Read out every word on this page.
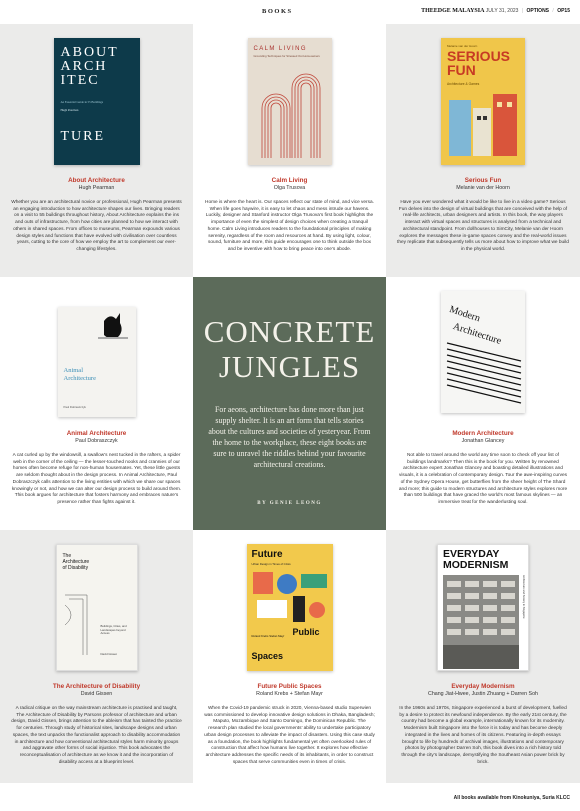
BOOKS	THEEDGE MALAYSIA JULY 31, 2023 | OPTIONS / OP15
ABOUT
ARCH
ITEC
An Essential Guide in 55 Buildings
TURE
Hugh Pearman
About Architecture
Hugh Pearman
Whether you are an architectural novice or professional, Hugh Pearman presents an engaging introduction to how architecture shapes our lives. Bringing readers on a visit to 55 buildings throughout history, About Architecture explains the ins and outs of infrastructure, from how cities are planned to how we interact with others in shared spaces. From offices to museums, Pearman expounds various design styles and functions that have evolved with civilisation over countless years, cutting to the core of how we employ the art to complement our ever-changing lifestyles.
CALM LIVING
Grounding Techniques for Stressed Out Homeowners
Calm Living
Olga Trusova
Home is where the heart is. Our spaces reflect our state of mind, and vice versa. When life goes haywire, it is easy to let chaos and mess intrude our havens. Luckily, designer and Stanford instructor Olga Trusova’s first book highlights the importance of even the simplest of design choices when creating a tranquil home. Calm Living introduces readers to the foundational principles of making serenity, regardless of the room and resources at hand. By using light, colour, sound, furniture and more, this guide encourages one to think outside the box and be inventive with how to bring peace into one’s abode.
Melanie van der Hoorn
SERIOUS
FUN
Architecture & Games
Serious Fun
Melanie van der Hoorn
Have you ever wondered what it would be like to live in a video game? Serious Fun delves into the design of virtual buildings that are conceived with the help of real-life architects, urban designers and artists. In this book, the way players interact with virtual spaces and structures is analysed from a technical and architectural standpoint. From dollhouses to SimCity, Melanie van der Hoorn explores the messages these in-game spaces convey and the real-world issues they replicate that subsequently tells us more about how to improve what we build in the physical world.
Animal
Architecture
Paul Dobraszczyk
Animal Architecture
Paul Dobraszczyk
A cat curled up by the windowsill, a swallow’s nest tucked in the rafters, a spider web in the corner of the ceiling — the lesser-touched nooks and crannies of our homes often become refuge for non-human housemates. Yet, these little guests are seldom thought about in the design process. In Animal Architecture, Paul Dobraszczyk calls attention to the living entities with which we share our spaces knowingly or not, and how we can alter our design process to build around them. This book argues for architecture that fosters harmony and embraces nature’s presence rather than fights against it.
CONCRETE
JUNGLES
For aeons, architecture has done more than just supply shelter. It is an art form that tells stories about the cultures and societies of yesteryear. From the home to the workplace, these eight books are sure to unravel the riddles behind your favourite architectural creations.
BY GENIE LEONG
Modern
Architecture
Modern Architecture
Jonathan Glancey
Not able to travel around the world any time soon to check off your list of buildings landmarks? Then this is the book for you. Written by renowned architecture expert Jonathan Glancey and boasting detailed illustrations and visuals, it is a celebration of contemporary design. Tour the awe-inspiring curves of the Sydney Opera House, get butterflies from the sheer height of The Shard and more; this guide to modern structures and architecture styles explores more than 500 buildings that have graced the world’s most famous skylines — an immersive treat for the wanderlusting soul.
The
Architecture
of Disability
Buildings, Cities, and Landscapes beyond Access
David Gissen
The Architecture of Disability
David Gissen
A radical critique on the way mainstream architecture is practised and taught, The Architecture of Disability by Parsons professor of architecture and urban design, David Gissen, brings attention to the ableism that has tainted the practice for centuries. Through study of historical sites, landscape designs and urban spaces, the text unpacks the functionalist approach to disability accommodation in architecture and how conventional architectural styles harm minority groups and aggravate other forms of social injustice. This book advocates the reconceptualisation of architecture as we know it and the incorporation of disability access at a blueprint level.
Future
Urban Design in Times of Crisis
Roland Krebs Stefan Mayr Public
Spaces
Future Public Spaces
Roland Krebs + Stefan Mayr
When the Covid-19 pandemic struck in 2020, Vienna-based studio Superwien was commissioned to develop innovative design solutions in Dhaka, Bangladesh; Maputo, Mozambique and Santo Domingo, the Dominican Republic. The research plan studied the local governments’ ability to undertake participatory urban design processes to alleviate the impact of disasters. Using this case study as a foundation, the book highlights fundamental yet often overlooked rules of construction that affect how humans live together. It explores how effective architecture addresses the specific needs of its inhabitants, in order to construct spaces that serve communities even in times of crisis.
EVERYDAY
MODERNISM
Architecture and Society in Singapore
Everyday Modernism
Chang Jiat-Hwee, Justin Zhuang + Darren Soh
In the 1960s and 1970s, Singapore experienced a burst of development, fuelled by a desire to protect its newfound independence. By the early 21st century, the country had become a global example, internationally known for its modernity. Modernism built Singapore into the force it is today and has become deeply integrated in the lives and homes of its citizens. Featuring in-depth essays brought to life by hundreds of archival images, illustrations and contemporary photos by photographer Darren Soh, this book dives into a rich history told through the city’s landscape, demystifying the Southeast Asian power brick by brick.
All books available from Kinokuniya, Suria KLCC
